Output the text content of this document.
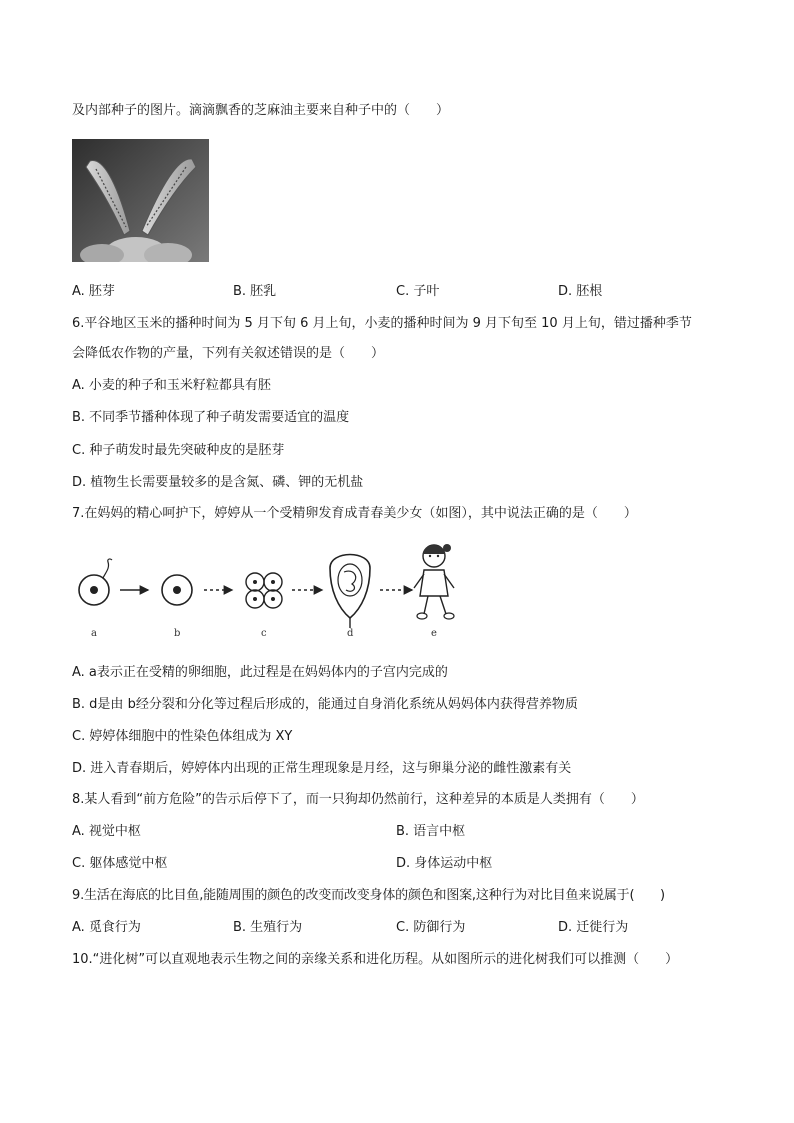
及内部种子的图片。滴滴飘香的芝麻油主要来自种子中的（　　）
A. 胚芽	B. 胚乳	C. 子叶	D. 胚根
6.平谷地区玉米的播种时间为 5 月下旬 6 月上旬，小麦的播种时间为 9 月下旬至 10 月上旬，错过播种季节
会降低农作物的产量，下列有关叙述错误的是（　　）
A. 小麦的种子和玉米籽粒都具有胚
B. 不同季节播种体现了种子萌发需要适宜的温度
C. 种子萌发时最先突破种皮的是胚芽
D. 植物生长需要量较多的是含氮、磷、钾的无机盐
7.在妈妈的精心呵护下，婷婷从一个受精卵发育成青春美少女（如图），其中说法正确的是（　　）
a	b	c	d	e
A. a表示正在受精的卵细胞，此过程是在妈妈体内的子宫内完成的
B. d是由 b经分裂和分化等过程后形成的，能通过自身消化系统从妈妈体内获得营养物质
C. 婷婷体细胞中的性染色体组成为 XY
D. 进入青春期后，婷婷体内出现的正常生理现象是月经，这与卵巢分泌的雌性激素有关
8.某人看到“前方危险”的告示后停下了，而一只狗却仍然前行，这种差异的本质是人类拥有（　　）
A. 视觉中枢	B. 语言中枢
C. 躯体感觉中枢	D. 身体运动中枢
9.生活在海底的比目鱼,能随周围的颜色的改变而改变身体的颜色和图案,这种行为对比目鱼来说属于(　　)
A. 觅食行为	B. 生殖行为	C. 防御行为	D. 迁徙行为
10.“进化树”可以直观地表示生物之间的亲缘关系和进化历程。从如图所示的进化树我们可以推测（　　）
